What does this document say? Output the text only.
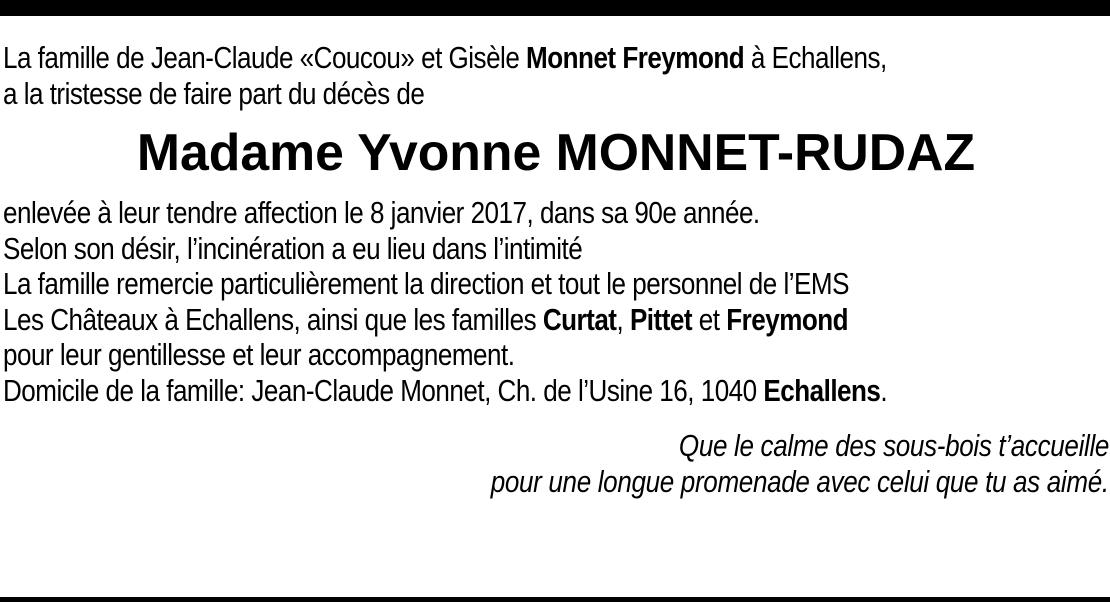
La famille de Jean-Claude «Coucou» et Gisèle Monnet Freymond à Echallens,
a la tristesse de faire part du décès de
Madame Yvonne MONNET-RUDAZ
enlevée à leur tendre affection le 8 janvier 2017, dans sa 90e année.
Selon son désir, l’incinération a eu lieu dans l’intimité
La famille remercie particulièrement la direction et tout le personnel de l’EMS
Les Châteaux à Echallens, ainsi que les familles Curtat, Pittet et Freymond
pour leur gentillesse et leur accompagnement.
Domicile de la famille: Jean-Claude Monnet, Ch. de l’Usine 16, 1040 Echallens.
Que le calme des sous-bois t’accueille
pour une longue promenade avec celui que tu as aimé.
